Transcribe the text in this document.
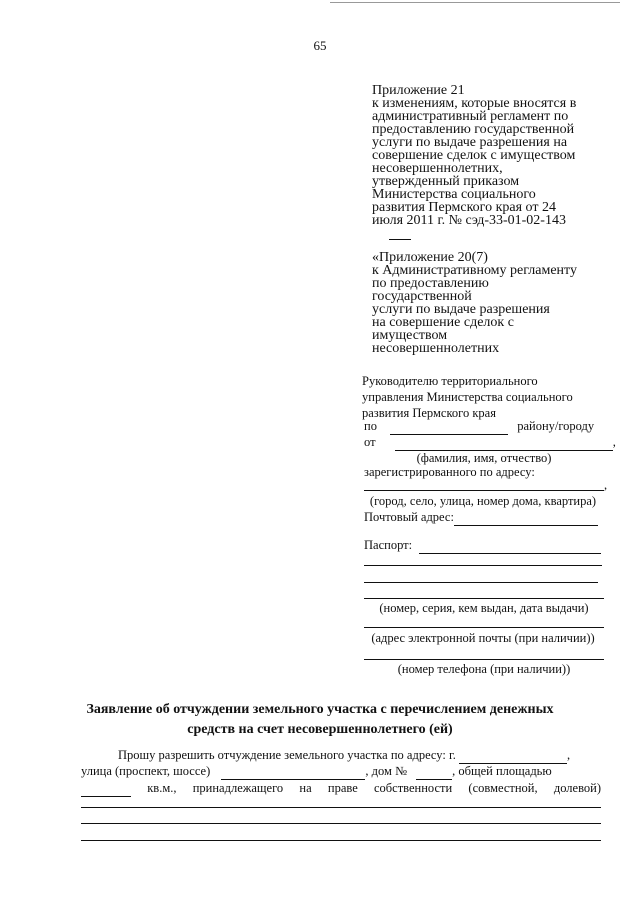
65
Приложение 21
к изменениям, которые вносятся в
административный регламент по
предоставлению государственной
услуги по выдаче разрешения на
совершение сделок с имуществом
несовершеннолетних,
утвержденный приказом
Министерства социального
развития Пермского края от 24
июля 2011 г. № сэд-33-01-02-143
«Приложение 20(7)
к Административному регламенту
по предоставлению
государственной
услуги по выдаче разрешения
на совершение сделок с
имуществом
несовершеннолетних
Руководителю территориального
управления Министерства социального
развития Пермского края
по	районy/городу
от	,
(фамилия, имя, отчество)
зарегистрированного по адресу:
,
(город, село, улица, номер дома, квартира)
Почтовый адрес:
Паспорт:
(номер, серия, кем выдан, дата выдачи)
(адрес электронной почты (при наличии))
(номер телефона (при наличии))
Заявление об отчуждении земельного участка с перечислением денежных
средств на счет несовершеннолетнего (ей)
Прошу разрешить отчуждение земельного участка по адресу: г.	,
улица (проспект, шоссе)	, дом №	, общей площадью

кв.м., принадлежащего на праве собственности (совместной, долевой)
